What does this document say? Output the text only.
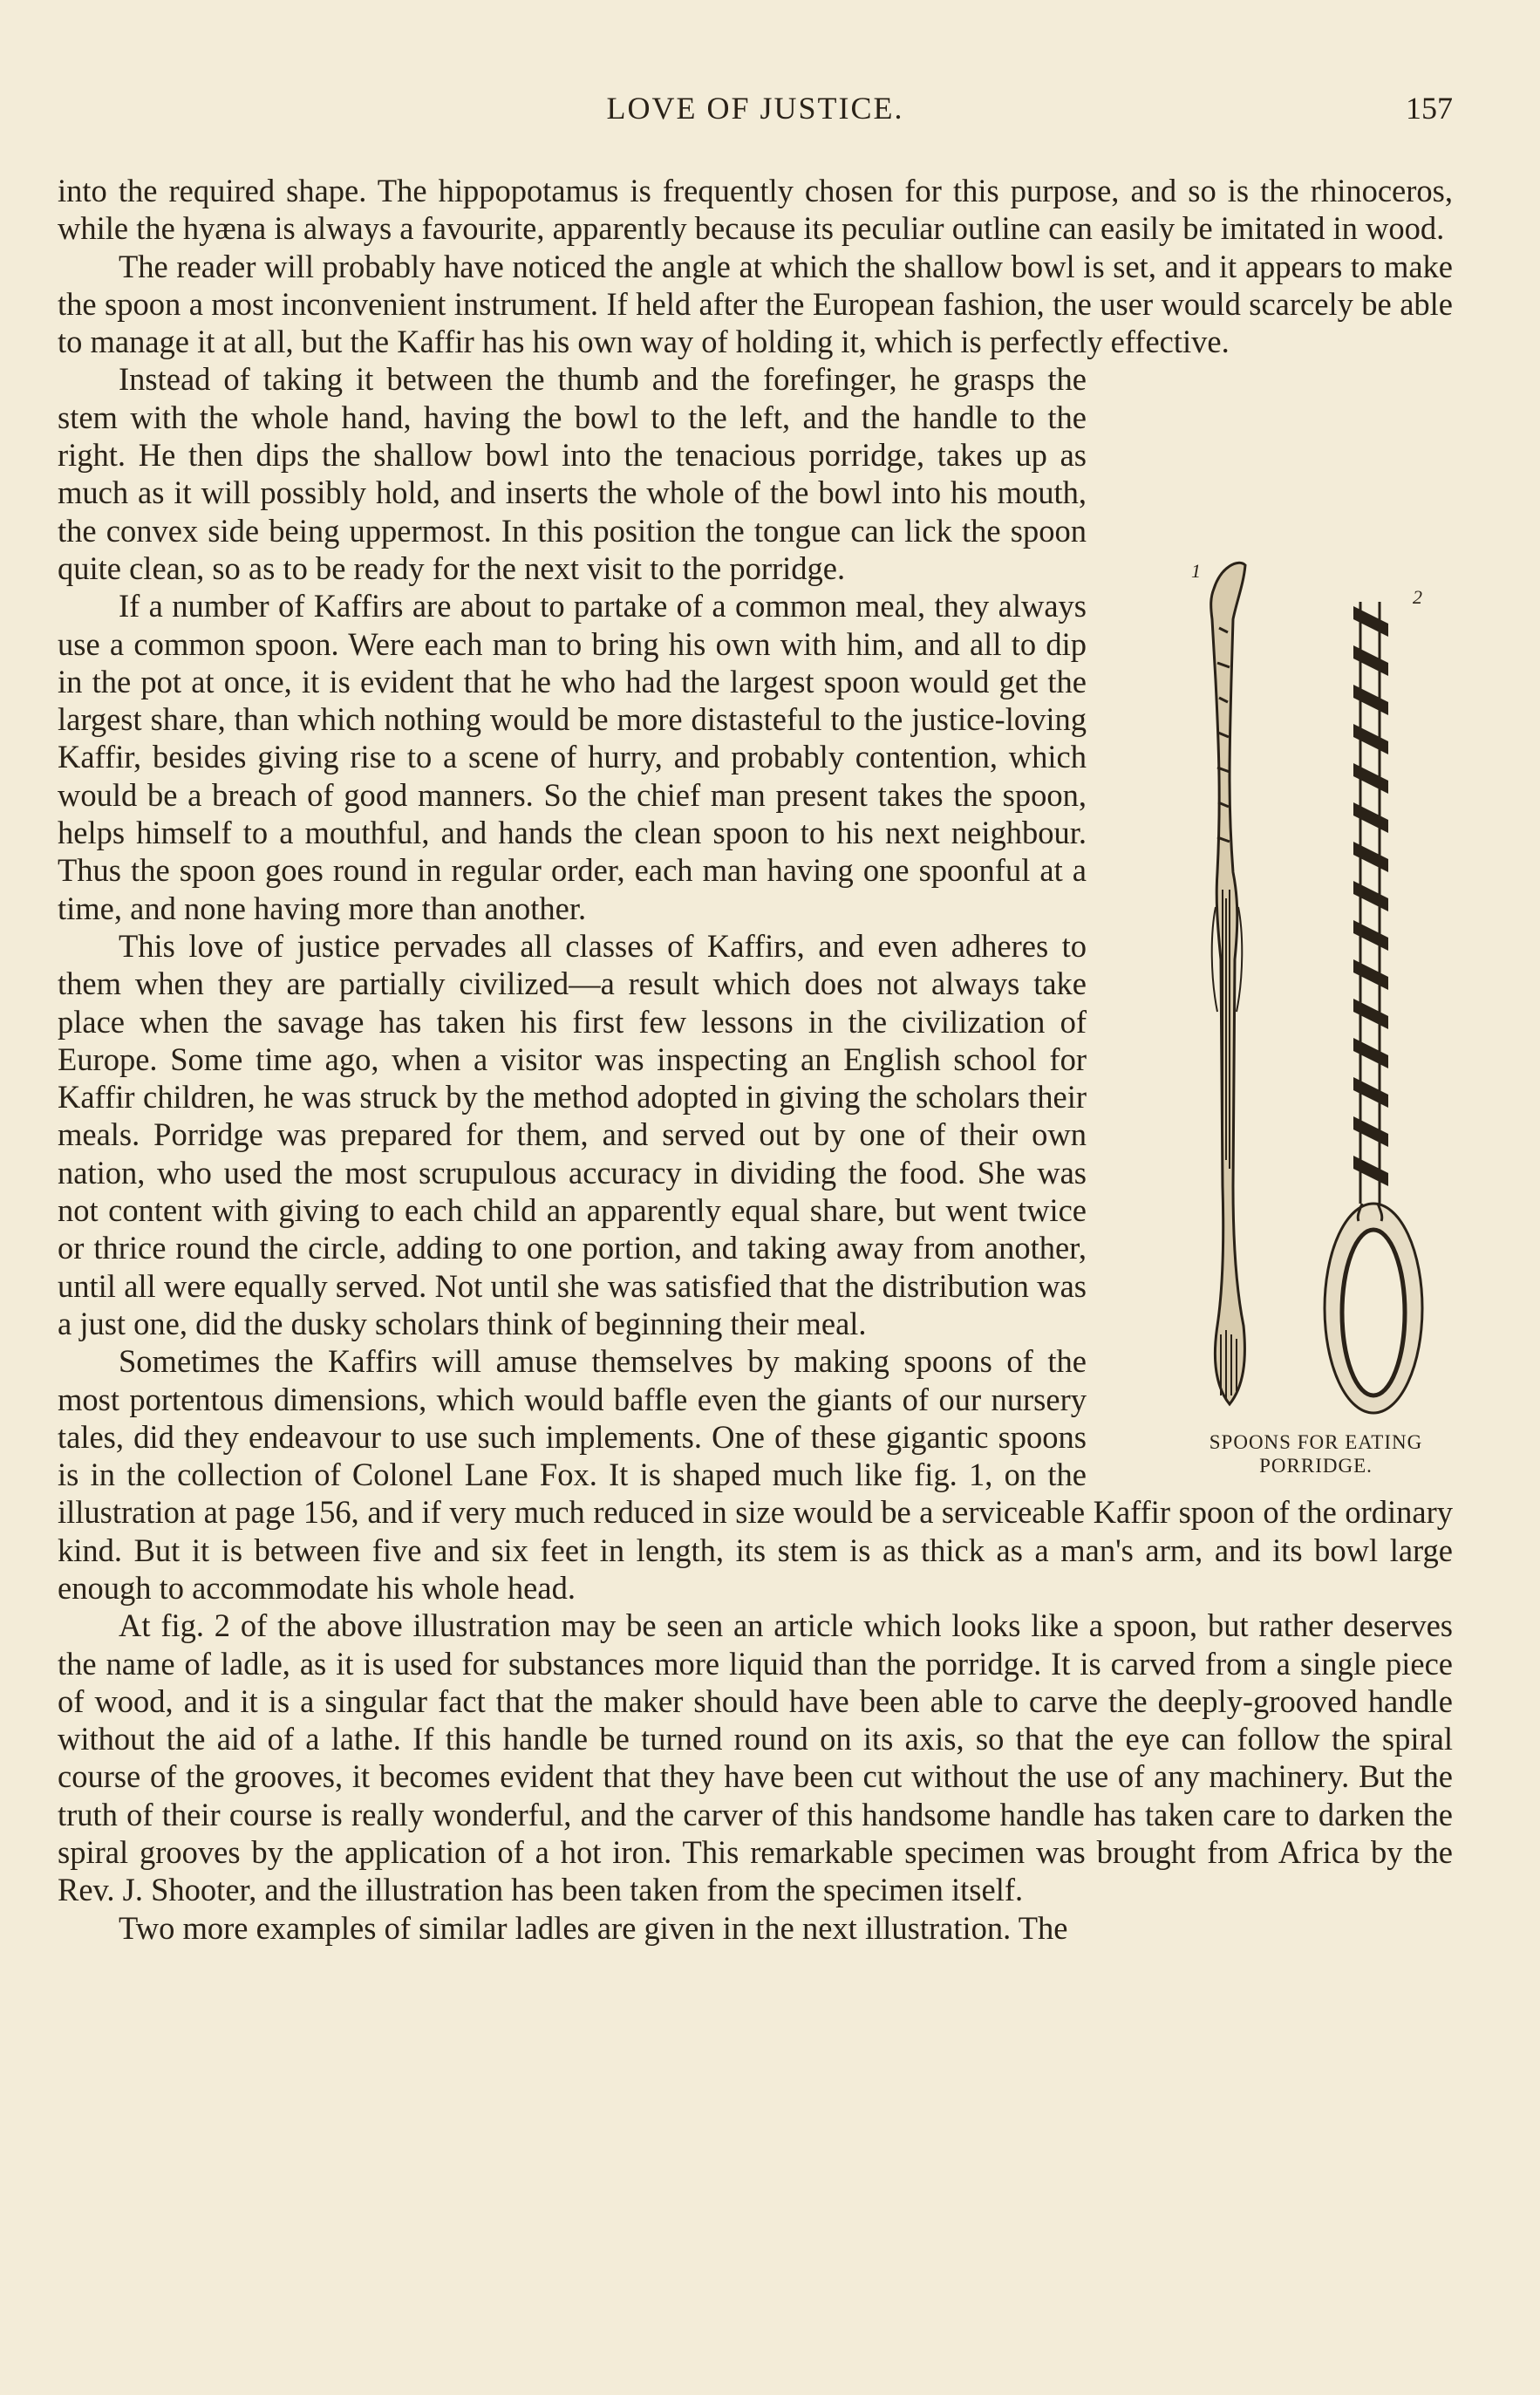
LOVE OF JUSTICE.	157

into the required shape. The hippopotamus is frequently chosen for this purpose, and so is the rhinoceros, while the hyæna is always a favourite, apparently because its peculiar outline can easily be imitated in wood.

The reader will probably have noticed the angle at which the shallow bowl is set, and it appears to make the spoon a most inconvenient instrument. If held after the European fashion, the user would scarcely be able to manage it at all, but the Kaffir has his own way of holding it, which is perfectly effective.

Instead of taking it between the thumb and the forefinger, he grasps the stem with the whole hand, having the bowl to the left, and the handle to the right. He then dips the shallow bowl into the tenacious porridge, takes up as much as it will possibly hold, and inserts the whole of the bowl into his mouth, the convex side being uppermost. In this position the tongue can lick the spoon quite clean, so as to be ready for the next visit to the porridge.

If a number of Kaffirs are about to partake of a common meal, they always use a common spoon. Were each man to bring his own with him, and all to dip in the pot at once, it is evident that he who had the largest spoon would get the largest share, than which nothing would be more distasteful to the justice-loving Kaffir, besides giving rise to a scene of hurry, and probably contention, which would be a breach of good manners. So the chief man present takes the spoon, helps himself to a mouthful, and hands the clean spoon to his next neighbour. Thus the spoon goes round in regular order, each man having one spoonful at a time, and none having more than another.

This love of justice pervades all classes of Kaffirs, and even adheres to them when they are partially civilized—a result which does not always take place when the savage has taken his first few lessons in the civilization of Europe. Some time ago, when a visitor was inspecting an English school for Kaffir children, he was struck by the method adopted in giving the scholars their meals. Porridge was prepared for them, and served out by one of their own nation, who used the most scrupulous accuracy in dividing the food. She was not content with giving to each child an apparently equal share, but went twice or thrice round the circle, adding to one portion, and taking away from another, until all were equally served. Not until she was satisfied that the distribution was a just one, did the dusky scholars think of beginning their meal.

Sometimes the Kaffirs will amuse themselves by making spoons of the most portentous dimensions, which would baffle even the giants of our nursery tales, did they endeavour to use such implements. One of these gigantic spoons is in the collection of Colonel Lane Fox. It is shaped much like fig. 1, on the illustration at page 156, and if very much reduced in size would be a serviceable Kaffir spoon of the ordinary kind. But it is between five and six feet in length, its stem is as thick as a man's arm, and its bowl large enough to accommodate his whole head.

At fig. 2 of the above illustration may be seen an article which looks like a spoon, but rather deserves the name of ladle, as it is used for substances more liquid than the porridge. It is carved from a single piece of wood, and it is a singular fact that the maker should have been able to carve the deeply-grooved handle without the aid of a lathe. If this handle be turned round on its axis, so that the eye can follow the spiral course of the grooves, it becomes evident that they have been cut without the use of any machinery. But the truth of their course is really wonderful, and the carver of this handsome handle has taken care to darken the spiral grooves by the application of a hot iron. This remarkable specimen was brought from Africa by the Rev. J. Shooter, and the illustration has been taken from the specimen itself.

Two more examples of similar ladles are given in the next illustration. The

1
2
SPOONS FOR EATING
PORRIDGE.
